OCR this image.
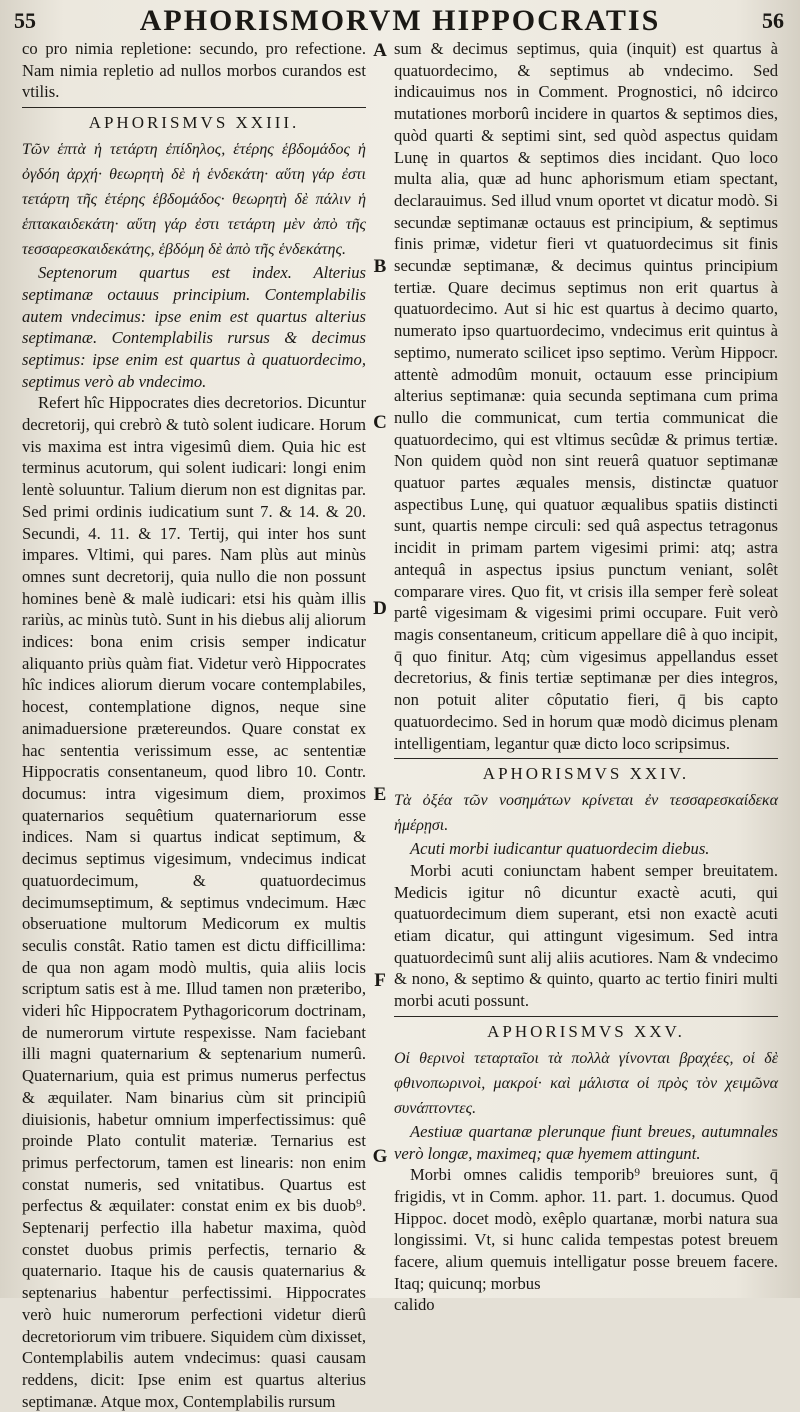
55	APHORISMORVM HIPPOCRATIS	56

co pro nimia repletione: secundo, pro refectione. Nam nimia repletio ad nullos morbos curandos est vtilis.

APHORISMVS XXIII.

Τῶν ἑπτὰ ἡ τετάρτη ἐπίδηλος, ἑτέρης ἑβδομάδος ἡ ὀγδόη ἀρχή· θεωρητὴ δὲ ἡ ἑνδεκάτη· αὕτη γάρ ἐστι τετάρτη τῆς ἑτέρης ἑβδομάδος· θεωρητὴ δὲ πάλιν ἡ ἑπτακαιδεκάτη· αὕτη γάρ ἐστι τετάρτη μὲν ἀπὸ τῆς τεσσαρεσκαιδεκάτης, ἑβδόμη δὲ ἀπὸ τῆς ἑνδεκάτης.

Septenorum quartus est index. Alterius septimanæ octauus principium. Contemplabilis autem vndecimus: ipse enim est quartus alterius septimanæ. Contemplabilis rursus & decimus septimus: ipse enim est quartus à quatuordecimo, septimus verò ab vndecimo.

Refert hîc Hippocrates dies decretorios. Dicuntur decretorij, qui crebrò & tutò solent iudicare. Horum vis maxima est intra vigesimû diem. Quia hic est terminus acutorum, qui solent iudicari: longi enim lentè soluuntur. Talium dierum non est dignitas par. Sed primi ordinis iudicatium sunt 7. & 14. & 20. Secundi, 4. 11. & 17. Tertij, qui inter hos sunt impares. Vltimi, qui pares. Nam plùs aut minùs omnes sunt decretorij, quia nullo die non possunt homines benè & malè iudicari: etsi his quàm illis rariùs, ac minùs tutò. Sunt in his diebus alij aliorum indices: bona enim crisis semper indicatur aliquanto priùs quàm fiat. Videtur verò Hippocrates hîc indices aliorum dierum vocare contemplabiles, hocest, contemplatione dignos, neque sine animaduersione prætereundos. Quare constat ex hac sententia verissimum esse, ac sententiæ Hippocratis consentaneum, quod libro 10. Contr. documus: intra vigesimum diem, proximos quaternarios sequêtium quaternariorum esse indices. Nam si quartus indicat septimum, & decimus septimus vigesimum, vndecimus indicat quatuordecimum, & quatuordecimus decimumseptimum, & septimus vndecimum. Hæc obseruatione multorum Medicorum ex multis seculis constât. Ratio tamen est dictu difficillima: de qua non agam modò multis, quia aliis locis scriptum satis est à me. Illud tamen non præteribo, videri hîc Hippocratem Pythagoricorum doctrinam, de numerorum virtute respexisse. Nam faciebant illi magni quaternarium & septenarium numerû. Quaternarium, quia est primus numerus perfectus & æquilater. Nam binarius cùm sit principiû diuisionis, habetur omnium imperfectissimus: quê proinde Plato contulit materiæ. Ternarius est primus perfectorum, tamen est linearis: non enim constat numeris, sed vnitatibus. Quartus est perfectus & æquilater: constat enim ex bis duob⁹. Septenarij perfectio illa habetur maxima, quòd constet duobus primis perfectis, ternario & quaternario. Itaque his de causis quaternarius & septenarius habentur perfectissimi. Hippocrates verò huic numerorum perfectioni videtur dierû decretoriorum vim tribuere. Siquidem cùm dixisset, Contemplabilis autem vndecimus: quasi causam reddens, dicit: Ipse enim est quartus alterius septimanæ. Atque mox, Contemplabilis rursum

A
B
C
D
E
F
G

sum & decimus septimus, quia (inquit) est quartus à quatuordecimo, & septimus ab vndecimo. Sed indicauimus nos in Comment. Prognostici, nô idcirco mutationes morborû incidere in quartos & septimos dies, quòd quarti & septimi sint, sed quòd aspectus quidam Lunę in quartos & septimos dies incidant. Quo loco multa alia, quæ ad hunc aphorismum etiam spectant, declarauimus. Sed illud vnum oportet vt dicatur modò. Si secundæ septimanæ octauus est principium, & septimus finis primæ, videtur fieri vt quatuordecimus sit finis secundæ septimanæ, & decimus quintus principium tertiæ. Quare decimus septimus non erit quartus à quatuordecimo. Aut si hic est quartus à decimo quarto, numerato ipso quartuordecimo, vndecimus erit quintus à septimo, numerato scilicet ipso septimo. Verùm Hippocr. attentè admodûm monuit, octauum esse principium alterius septimanæ: quia secunda septimana cum prima nullo die communicat, cum tertia communicat die quatuordecimo, qui est vltimus secûdæ & primus tertiæ. Non quidem quòd non sint reuerâ quatuor septimanæ quatuor partes æquales mensis, distinctæ quatuor aspectibus Lunę, qui quatuor æqualibus spatiis distincti sunt, quartis nempe circuli: sed quâ aspectus tetragonus incidit in primam partem vigesimi primi: atq; astra antequâ in aspectus ipsius punctum veniant, solêt comparare vires. Quo fit, vt crisis illa semper ferè soleat partê vigesimam & vigesimi primi occupare. Fuit verò magis consentaneum, criticum appellare diê à quo incipit, q̄ quo finitur. Atq; cùm vigesimus appellandus esset decretorius, & finis tertiæ septimanæ per dies integros, non potuit aliter côputatio fieri, q̄ bis capto quatuordecimo. Sed in horum quæ modò dicimus plenam intelligentiam, legantur quæ dicto loco scripsimus.

APHORISMVS XXIV.

Τὰ ὀξέα τῶν νοσημάτων κρίνεται ἐν τεσσαρεσκαίδεκα ἡμέρῃσι.

Acuti morbi iudicantur quatuordecim diebus.

Morbi acuti coniunctam habent semper breuitatem. Medicis igitur nô dicuntur exactè acuti, qui quatuordecimum diem superant, etsi non exactè acuti etiam dicatur, qui attingunt vigesimum. Sed intra quatuordecimû sunt alij aliis acutiores. Nam & vndecimo & nono, & septimo & quinto, quarto ac tertio finiri multi morbi acuti possunt.

APHORISMVS XXV.

Οἱ θερινοὶ τεταρταῖοι τὰ πολλὰ γίνονται βραχέες, οἱ δὲ φθινοπωρινοὶ, μακροί· καὶ μάλιστα οἱ πρὸς τὸν χειμῶνα συνάπτοντες.

Aestiuæ quartanæ plerunque fiunt breues, autumnales verò longæ, maximeq; quæ hyemem attingunt.

Morbi omnes calidis temporib⁹ breuiores sunt, q̄ frigidis, vt in Comm. aphor. 11. part. 1. documus. Quod Hippoc. docet modò, exêplo quartanæ, morbi natura sua longissimi. Vt, si hunc calida tempestas potest breuem facere, alium quemuis intelligatur posse breuem facere. Itaq; quicunq; morbus

calido
